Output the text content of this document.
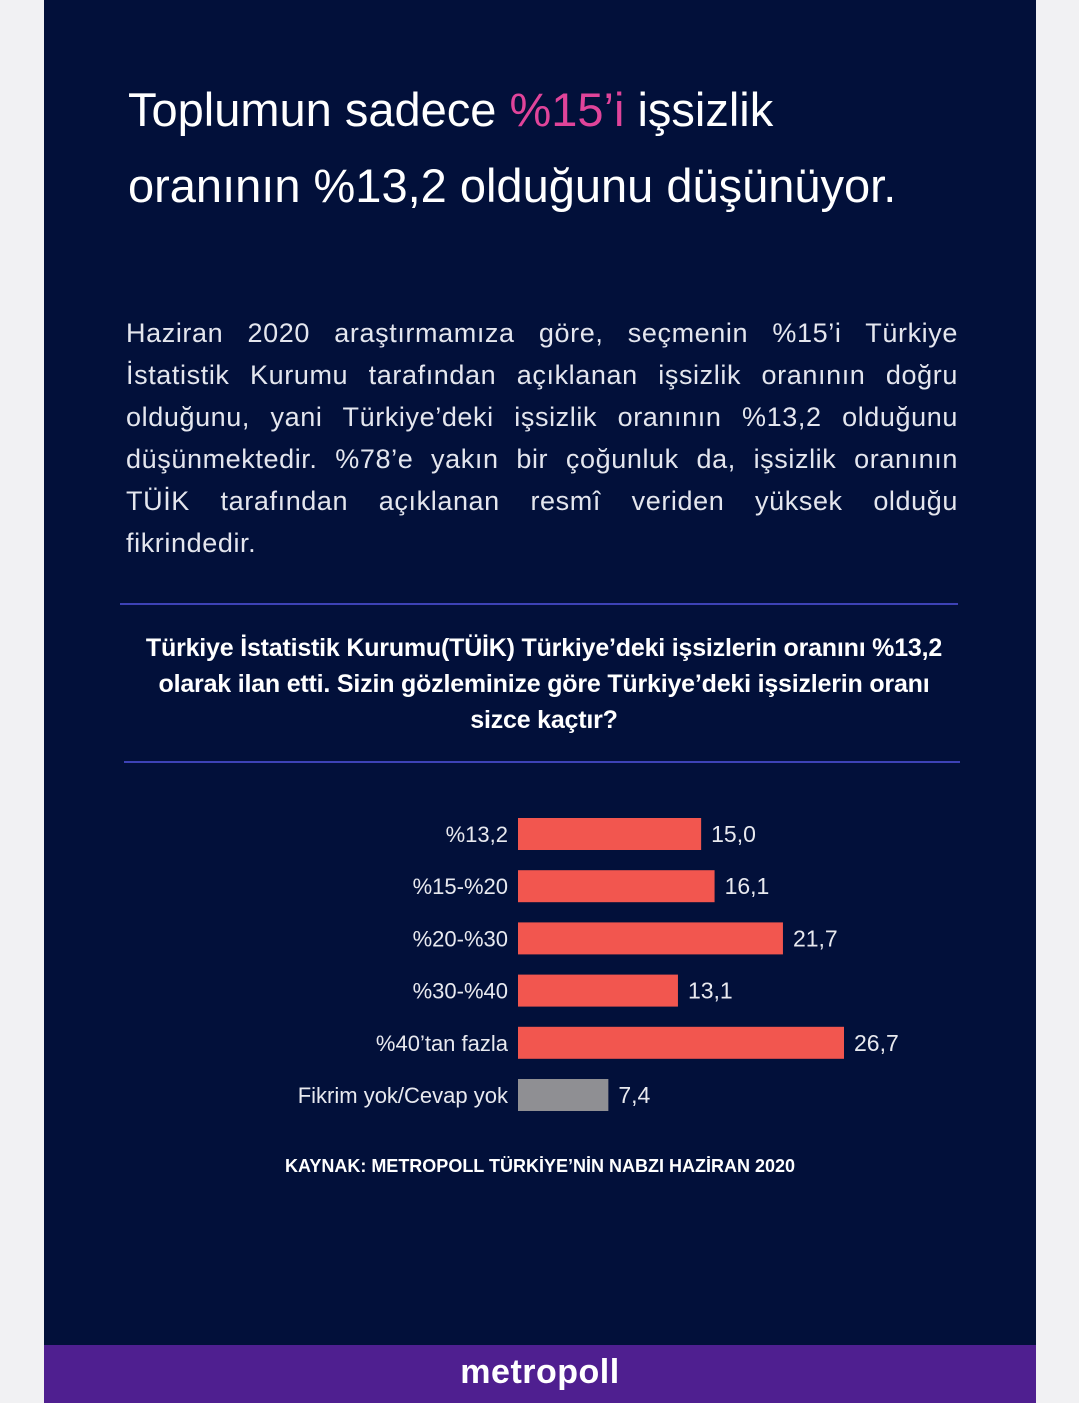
Toplumun sadece %15’i işsizlik oranının %13,2 olduğunu düşünüyor.

Haziran 2020 araştırmamıza göre, seçmenin %15’i Türkiye İstatistik Kurumu tarafından açıklanan işsizlik oranının doğru olduğunu, yani Türkiye’deki işsizlik oranının %13,2 olduğunu düşünmektedir. %78’e yakın bir çoğunluk da, işsizlik oranının TÜİK tarafından açıklanan resmî veriden yüksek olduğu fikrindedir.

Türkiye İstatistik Kurumu(TÜİK) Türkiye’deki işsizlerin oranını %13,2 olarak ilan etti. Sizin gözleminize göre Türkiye’deki işsizlerin oranı sizce kaçtır?

%13,2	15,0
%15-%20	16,1
%20-%30	21,7
%30-%40	13,1
%40’tan fazla	26,7
Fikrim yok/Cevap yok	7,4
KAYNAK: METROPOLL TÜRKİYE’NİN NABZI HAZİRAN 2020
metropoll
